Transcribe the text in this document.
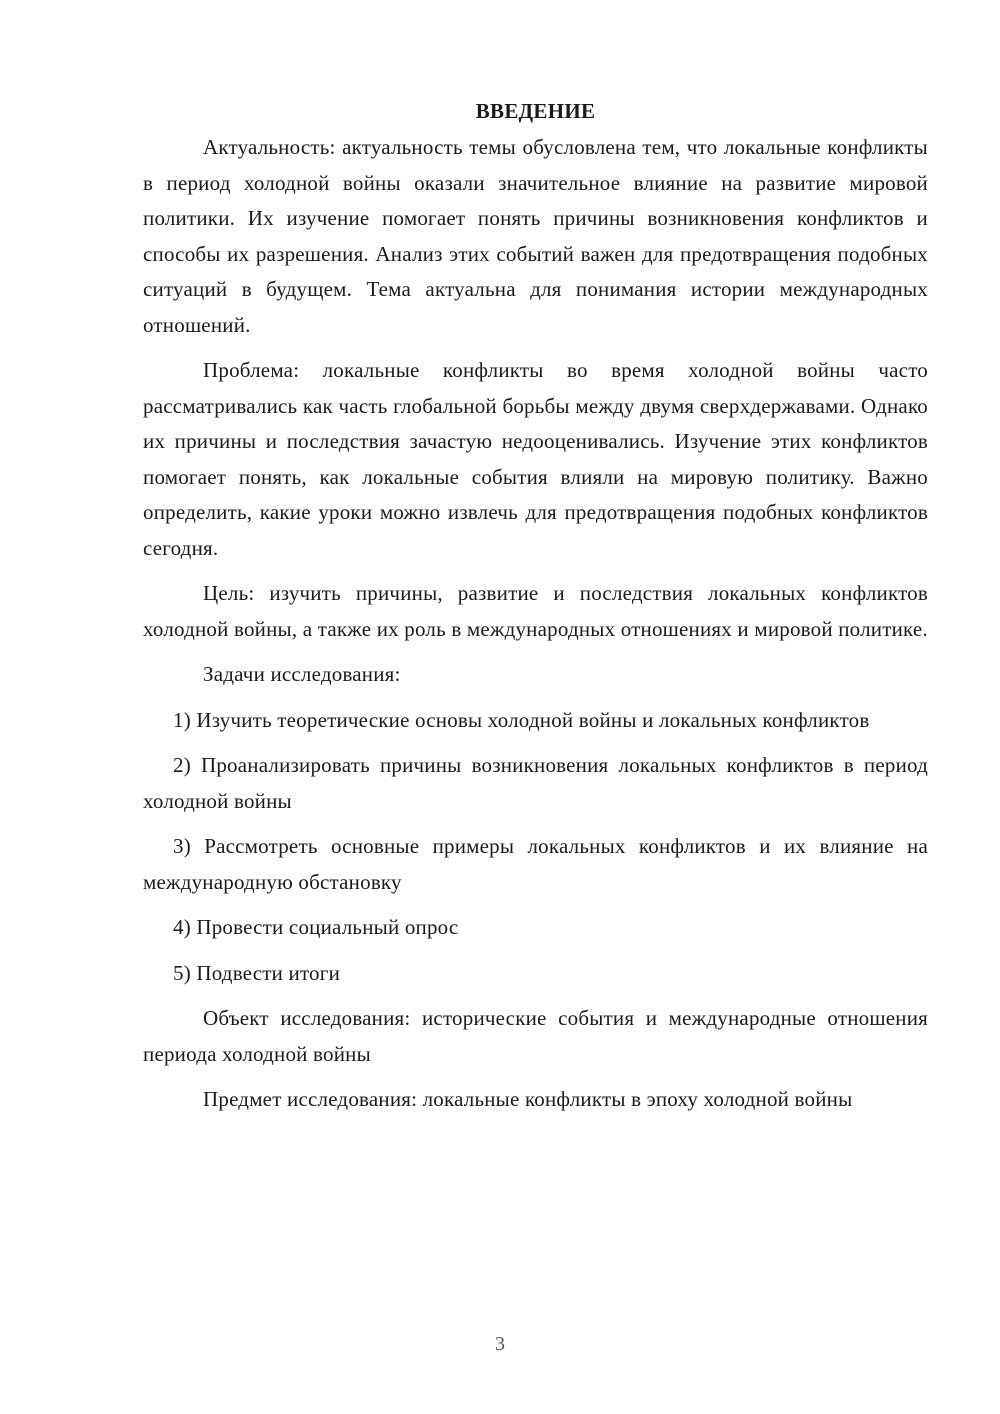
ВВЕДЕНИЕ

Актуальность: актуальность темы обусловлена тем, что локальные конфликты в период холодной войны оказали значительное влияние на развитие мировой политики. Их изучение помогает понять причины возникновения конфликтов и способы их разрешения. Анализ этих событий важен для предотвращения подобных ситуаций в будущем. Тема актуальна для понимания истории международных отношений.

Проблема: локальные конфликты во время холодной войны часто рассматривались как часть глобальной борьбы между двумя сверхдержавами. Однако их причины и последствия зачастую недооценивались. Изучение этих конфликтов помогает понять, как локальные события влияли на мировую политику. Важно определить, какие уроки можно извлечь для предотвращения подобных конфликтов сегодня.

Цель: изучить причины, развитие и последствия локальных конфликтов холодной войны, а также их роль в международных отношениях и мировой политике.

Задачи исследования:

1) Изучить теоретические основы холодной войны и локальных конфликтов

2) Проанализировать причины возникновения локальных конфликтов в период холодной войны

3) Рассмотреть основные примеры локальных конфликтов и их влияние на международную обстановку

4) Провести социальный опрос

5) Подвести итоги

Объект исследования: исторические события и международные отношения периода холодной войны

Предмет исследования: локальные конфликты в эпоху холодной войны

3
